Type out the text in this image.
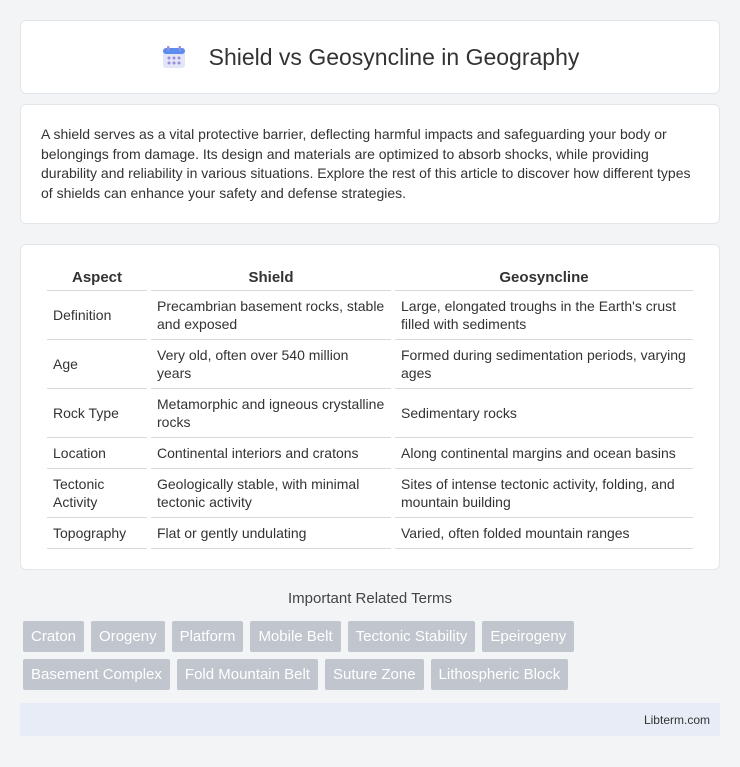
Shield vs Geosyncline in Geography

A shield serves as a vital protective barrier, deflecting harmful impacts and safeguarding your body or belongings from damage. Its design and materials are optimized to absorb shocks, while providing durability and reliability in various situations. Explore the rest of this article to discover how different types of shields can enhance your safety and defense strategies.

Aspect	Shield	Geosyncline
Definition	Precambrian basement rocks, stable and exposed	Large, elongated troughs in the Earth's crust filled with sediments
Age	Very old, often over 540 million years	Formed during sedimentation periods, varying ages
Rock Type	Metamorphic and igneous crystalline rocks	Sedimentary rocks
Location	Continental interiors and cratons	Along continental margins and ocean basins
Tectonic Activity	Geologically stable, with minimal tectonic activity	Sites of intense tectonic activity, folding, and mountain building
Topography	Flat or gently undulating	Varied, often folded mountain ranges
Important Related Terms
Craton	Orogeny	Platform	Mobile Belt	Tectonic Stability	Epeirogeny
Basement Complex	Fold Mountain Belt	Suture Zone	Lithospheric Block
Libterm.com
